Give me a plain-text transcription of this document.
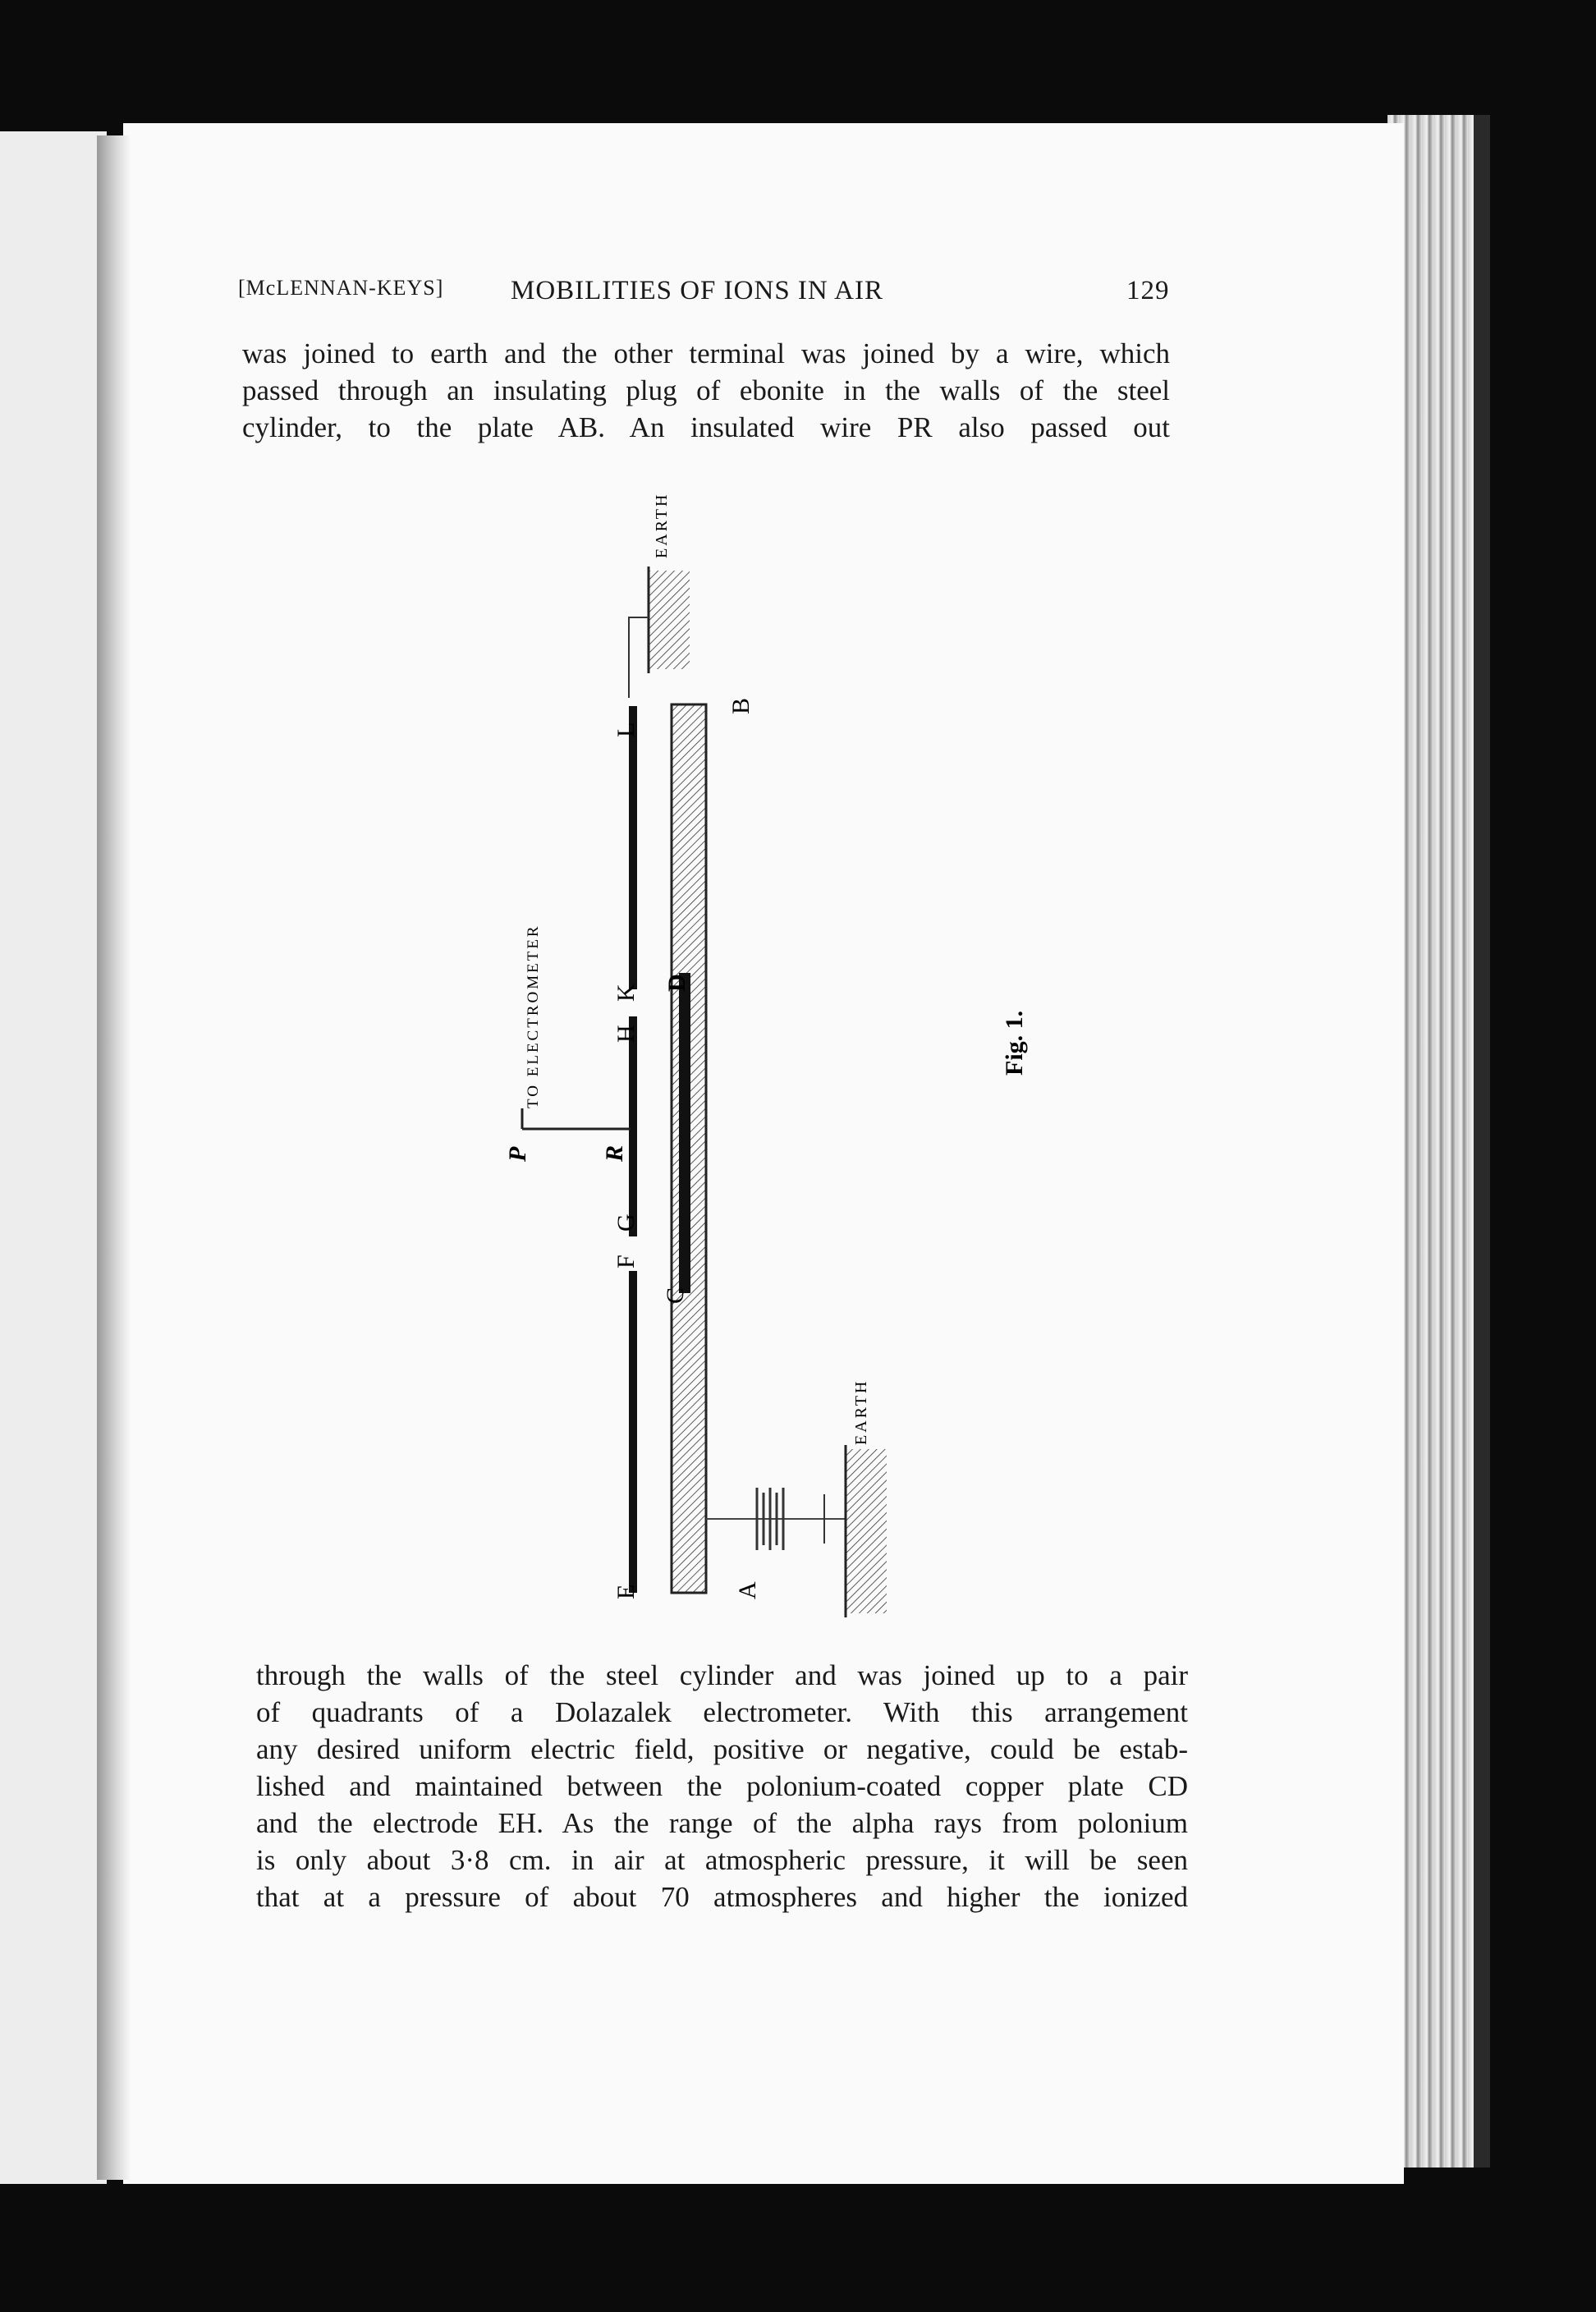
[McLENNAN-KEYS] MOBILITIES OF IONS IN AIR	129

was joined to earth and the other terminal was joined by a wire, which

passed through an insulating plug of ebonite in the walls of the steel

cylinder, to the plate AB. An insulated wire PR also passed out

EARTH
EARTH
TO ELECTROMETER
E
F
G
H
K
L
A
B
C
D
P	R
Fig. 1.

through the walls of the steel cylinder and was joined up to a pair

of quadrants of a Dolazalek electrometer. With this arrangement

any desired uniform electric field, positive or negative, could be estab-

lished and maintained between the polonium-coated copper plate CD

and the electrode EH. As the range of the alpha rays from polonium

is only about 3·8 cm. in air at atmospheric pressure, it will be seen

that at a pressure of about 70 atmospheres and higher the ionized
